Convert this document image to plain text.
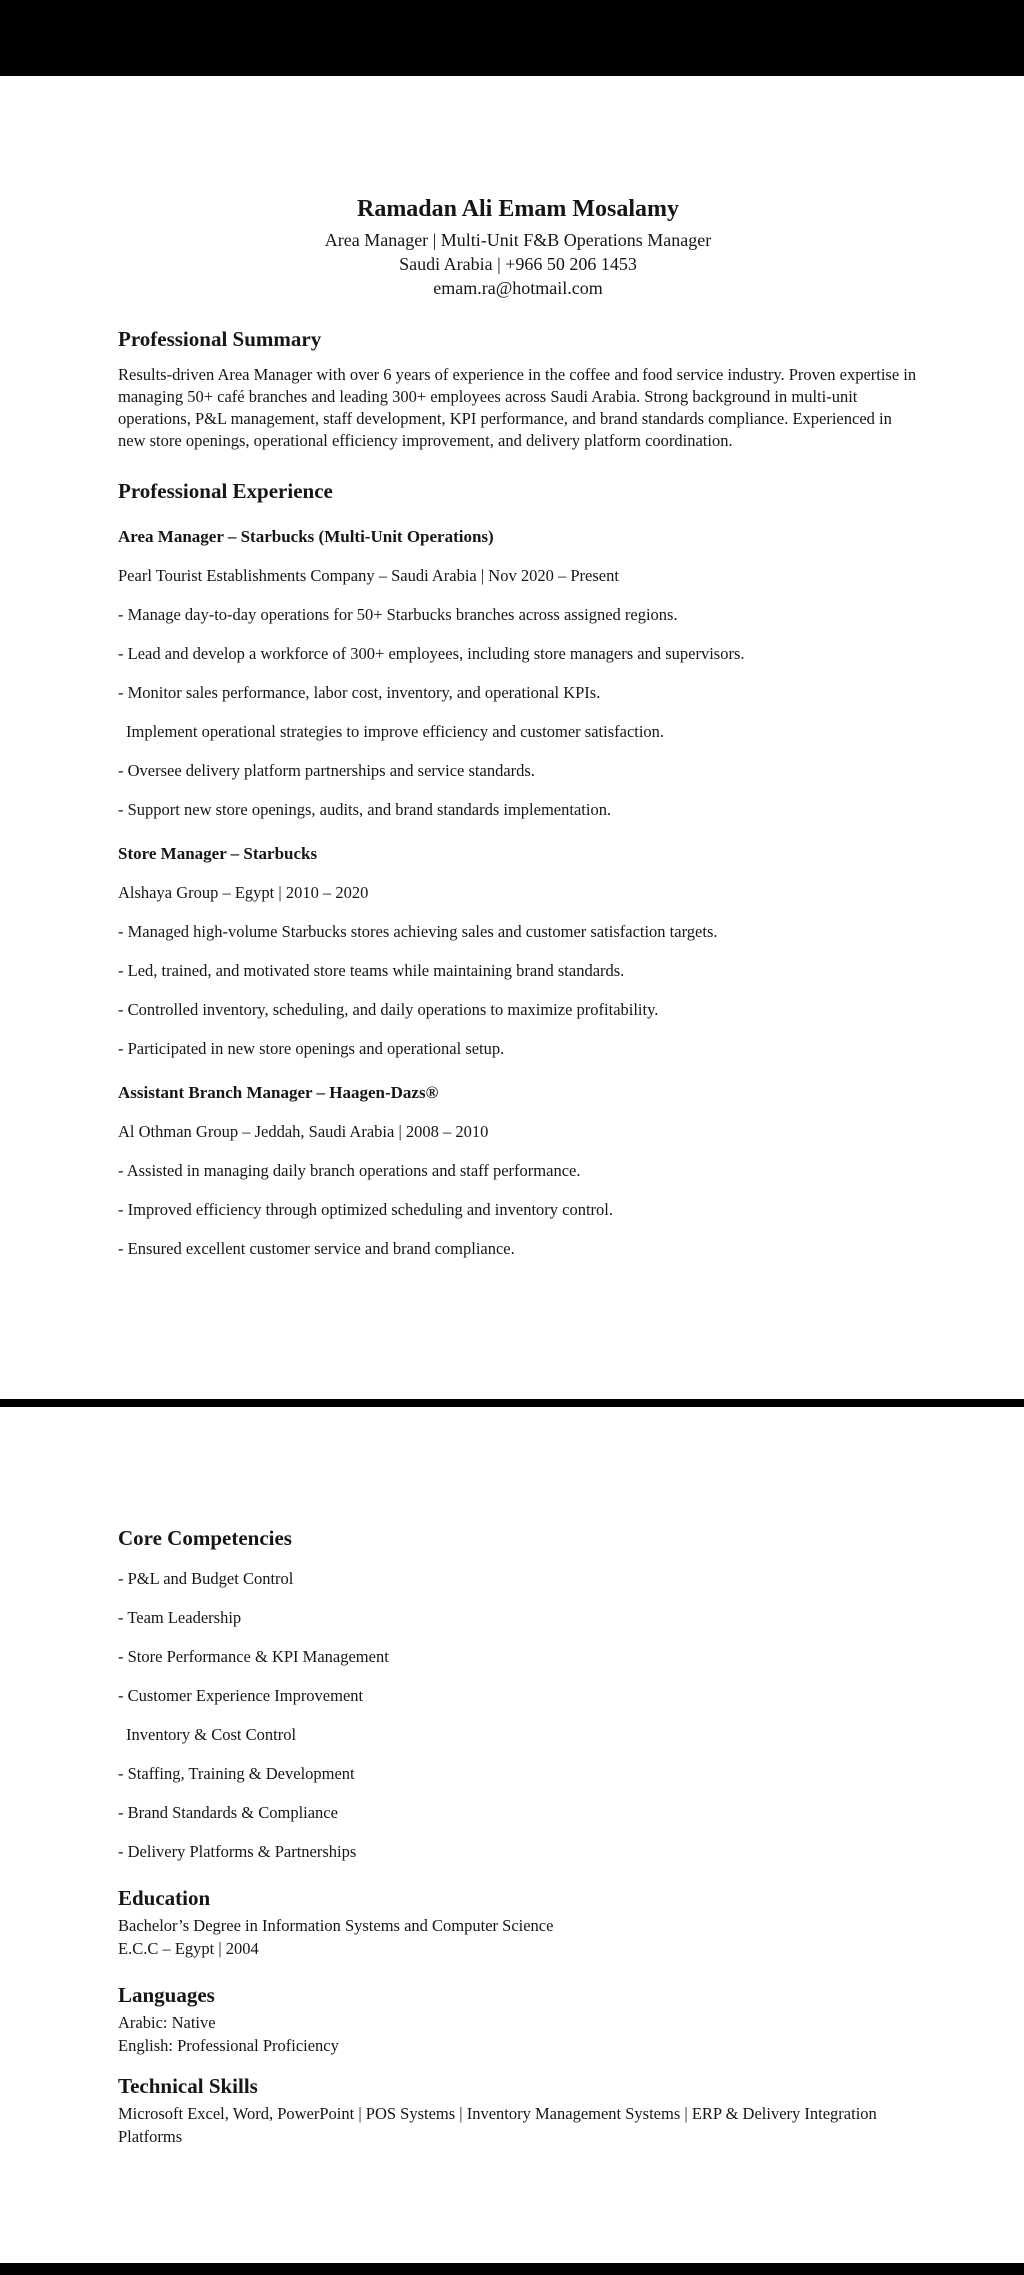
Ramadan Ali Emam Mosalamy
Area Manager | Multi-Unit F&B Operations Manager
Saudi Arabia | +966 50 206 1453
emam.ra@hotmail.com
Professional Summary

Results-driven Area Manager with over 6 years of experience in the coffee and food service industry. Proven expertise in managing 50+ café branches and leading 300+ employees across Saudi Arabia. Strong background in multi-unit operations, P&L management, staff development, KPI performance, and brand standards compliance. Experienced in new store openings, operational efficiency improvement, and delivery platform coordination.

Professional Experience
Area Manager – Starbucks (Multi-Unit Operations)

Pearl Tourist Establishments Company – Saudi Arabia | Nov 2020 – Present

- Manage day-to-day operations for 50+ Starbucks branches across assigned regions.

- Lead and develop a workforce of 300+ employees, including store managers and supervisors.

- Monitor sales performance, labor cost, inventory, and operational KPIs.

Implement operational strategies to improve efficiency and customer satisfaction.

- Oversee delivery platform partnerships and service standards.

- Support new store openings, audits, and brand standards implementation.

Store Manager – Starbucks

Alshaya Group – Egypt | 2010 – 2020

- Managed high-volume Starbucks stores achieving sales and customer satisfaction targets.

- Led, trained, and motivated store teams while maintaining brand standards.

- Controlled inventory, scheduling, and daily operations to maximize profitability.

- Participated in new store openings and operational setup.

Assistant Branch Manager – Haagen-Dazs®

Al Othman Group – Jeddah, Saudi Arabia | 2008 – 2010

- Assisted in managing daily branch operations and staff performance.

- Improved efficiency through optimized scheduling and inventory control.

- Ensured excellent customer service and brand compliance.

Core Competencies

- P&L and Budget Control

- Team Leadership

- Store Performance & KPI Management

- Customer Experience Improvement

Inventory & Cost Control

- Staffing, Training & Development

- Brand Standards & Compliance

- Delivery Platforms & Partnerships

Education

Bachelor’s Degree in Information Systems and Computer Science

E.C.C – Egypt | 2004

Languages

Arabic: Native

English: Professional Proficiency

Technical Skills

Microsoft Excel, Word, PowerPoint | POS Systems | Inventory Management Systems | ERP & Delivery Integration Platforms
